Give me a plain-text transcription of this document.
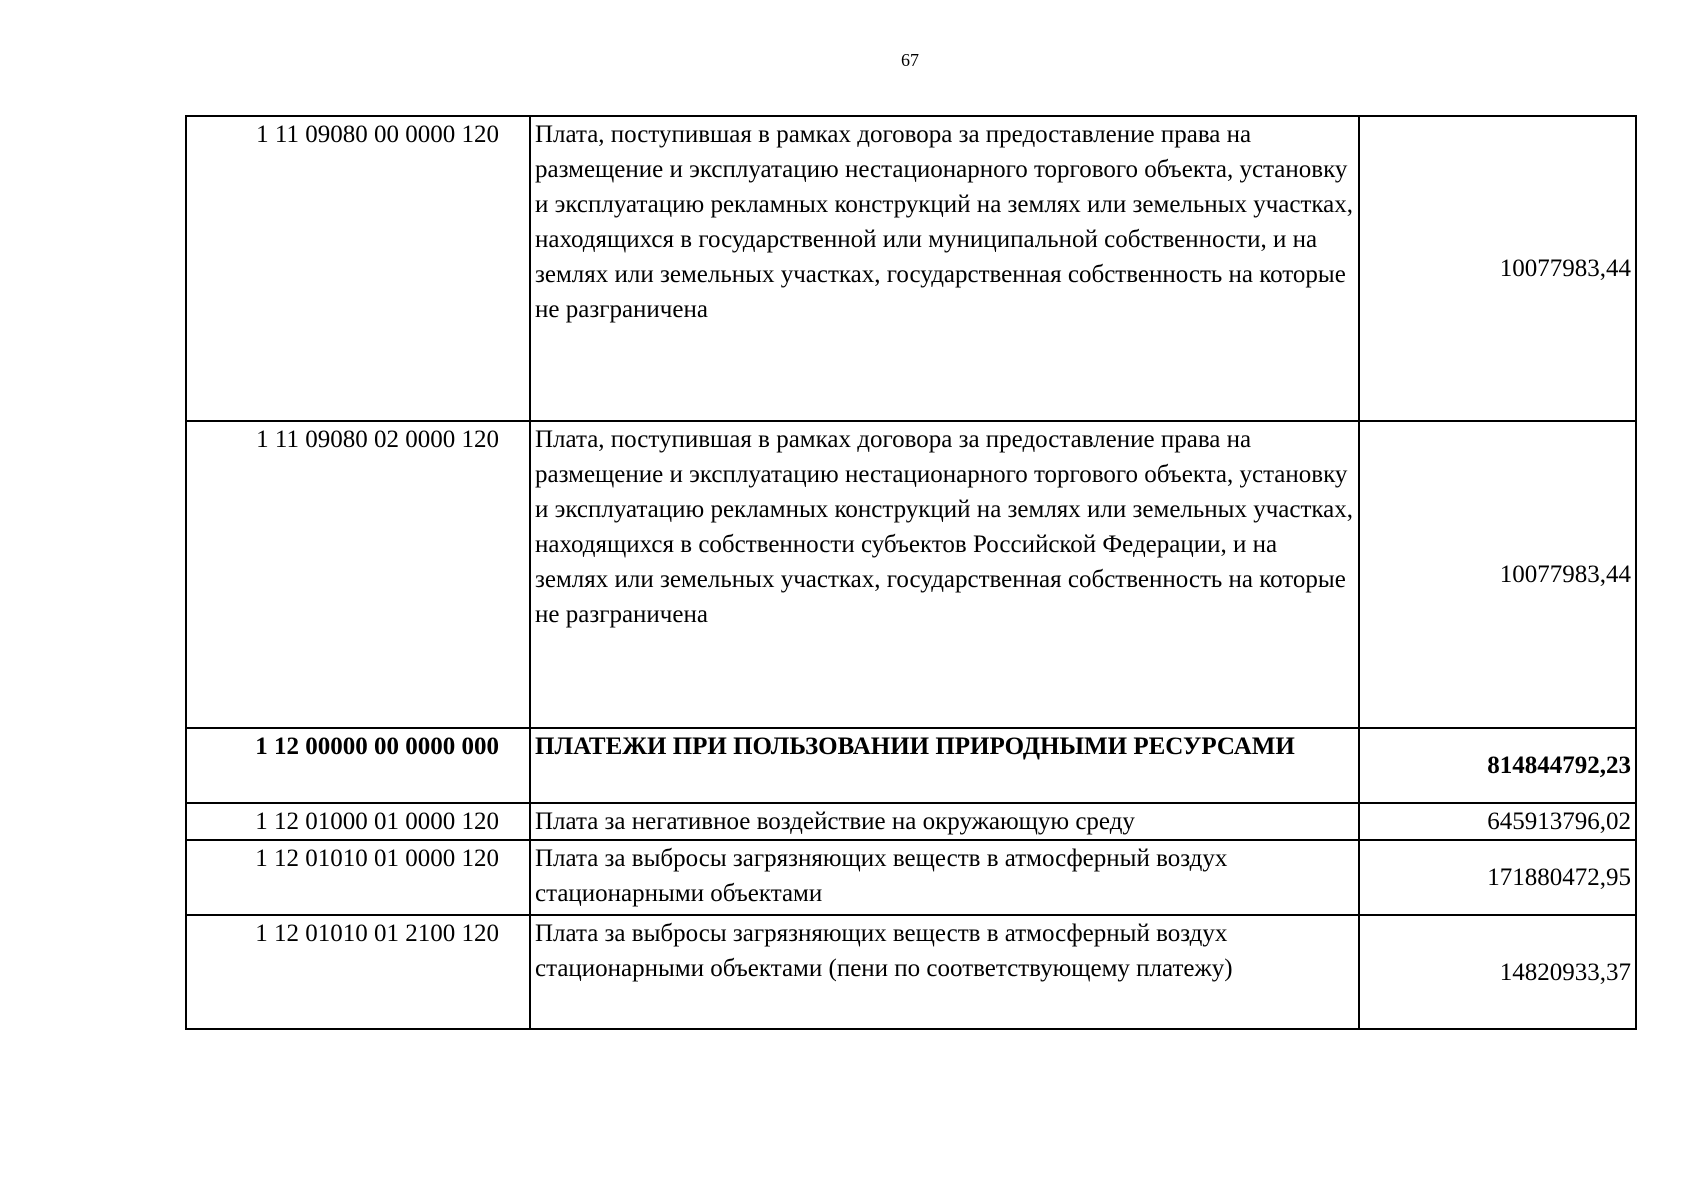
67
1 11 09080 00 0000 120	Плата, поступившая в рамках договора за предоставление права на размещение и эксплуатацию нестационарного торгового объекта, установку и эксплуатацию рекламных конструкций на землях или земельных участках, находящихся в государственной или муниципальной собственности, и на землях или земельных участках, государственная собственность на которые не разграничена	10077983,44
1 11 09080 02 0000 120	Плата, поступившая в рамках договора за предоставление права на размещение и эксплуатацию нестационарного торгового объекта, установку и эксплуатацию рекламных конструкций на землях или земельных участках, находящихся в собственности субъектов Российской Федерации, и на землях или земельных участках, государственная собственность на которые не разграничена	10077983,44
1 12 00000 00 0000 000	ПЛАТЕЖИ ПРИ ПОЛЬЗОВАНИИ ПРИРОДНЫМИ РЕСУРСАМИ	814844792,23
1 12 01000 01 0000 120	Плата за негативное воздействие на окружающую среду	645913796,02
1 12 01010 01 0000 120	Плата за выбросы загрязняющих веществ в атмосферный воздух стационарными объектами	171880472,95
1 12 01010 01 2100 120	Плата за выбросы загрязняющих веществ в атмосферный воздух стационарными объектами (пени по соответствующему платежу)	14820933,37
